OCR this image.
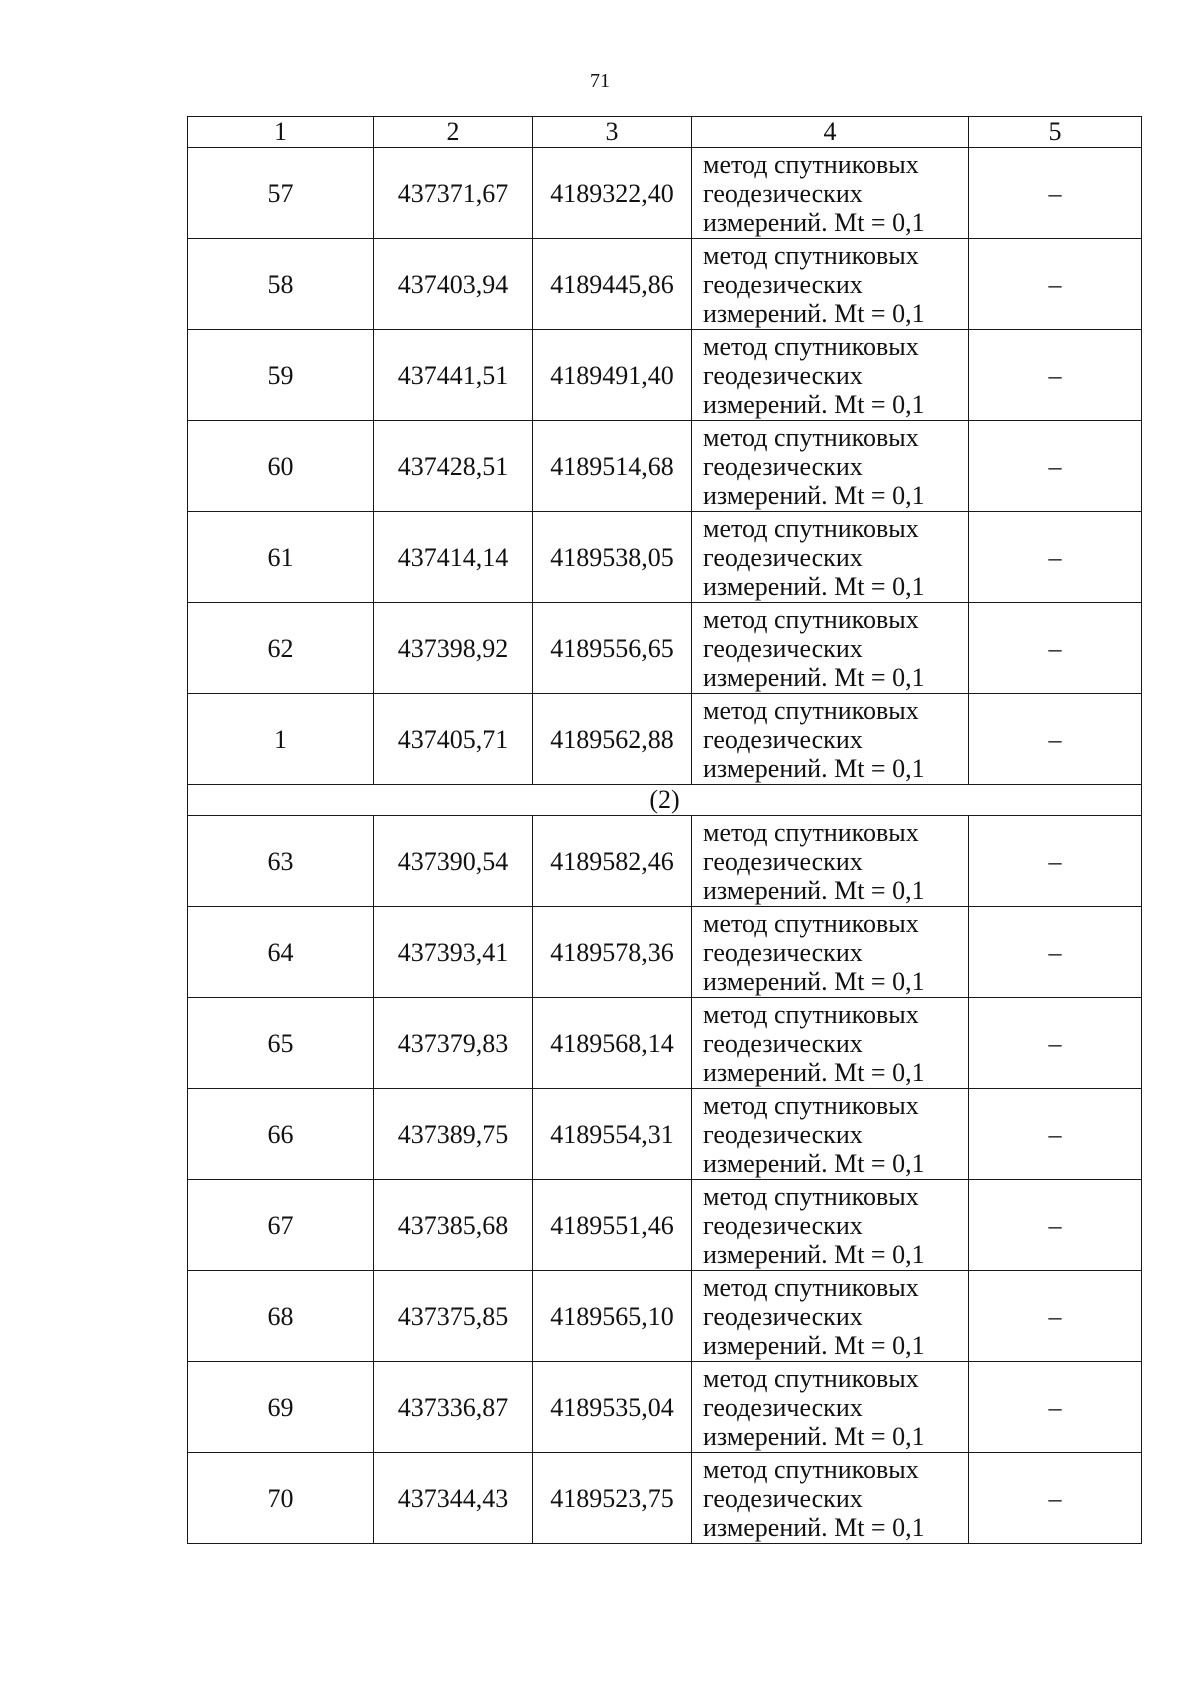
71
1	2	3	4	5
57	437371,67	4189322,40	метод спутниковых
геодезических
измерений. Mt = 0,1	–
58	437403,94	4189445,86	метод спутниковых
геодезических
измерений. Mt = 0,1	–
59	437441,51	4189491,40	метод спутниковых
геодезических
измерений. Mt = 0,1	–
60	437428,51	4189514,68	метод спутниковых
геодезических
измерений. Mt = 0,1	–
61	437414,14	4189538,05	метод спутниковых
геодезических
измерений. Mt = 0,1	–
62	437398,92	4189556,65	метод спутниковых
геодезических
измерений. Mt = 0,1	–
1	437405,71	4189562,88	метод спутниковых
геодезических
измерений. Mt = 0,1	–
(2)				
63	437390,54	4189582,46	метод спутниковых
геодезических
измерений. Mt = 0,1	–
64	437393,41	4189578,36	метод спутниковых
геодезических
измерений. Mt = 0,1	–
65	437379,83	4189568,14	метод спутниковых
геодезических
измерений. Mt = 0,1	–
66	437389,75	4189554,31	метод спутниковых
геодезических
измерений. Mt = 0,1	–
67	437385,68	4189551,46	метод спутниковых
геодезических
измерений. Mt = 0,1	–
68	437375,85	4189565,10	метод спутниковых
геодезических
измерений. Mt = 0,1	–
69	437336,87	4189535,04	метод спутниковых
геодезических
измерений. Mt = 0,1	–
70	437344,43	4189523,75	метод спутниковых
геодезических
измерений. Mt = 0,1	–
